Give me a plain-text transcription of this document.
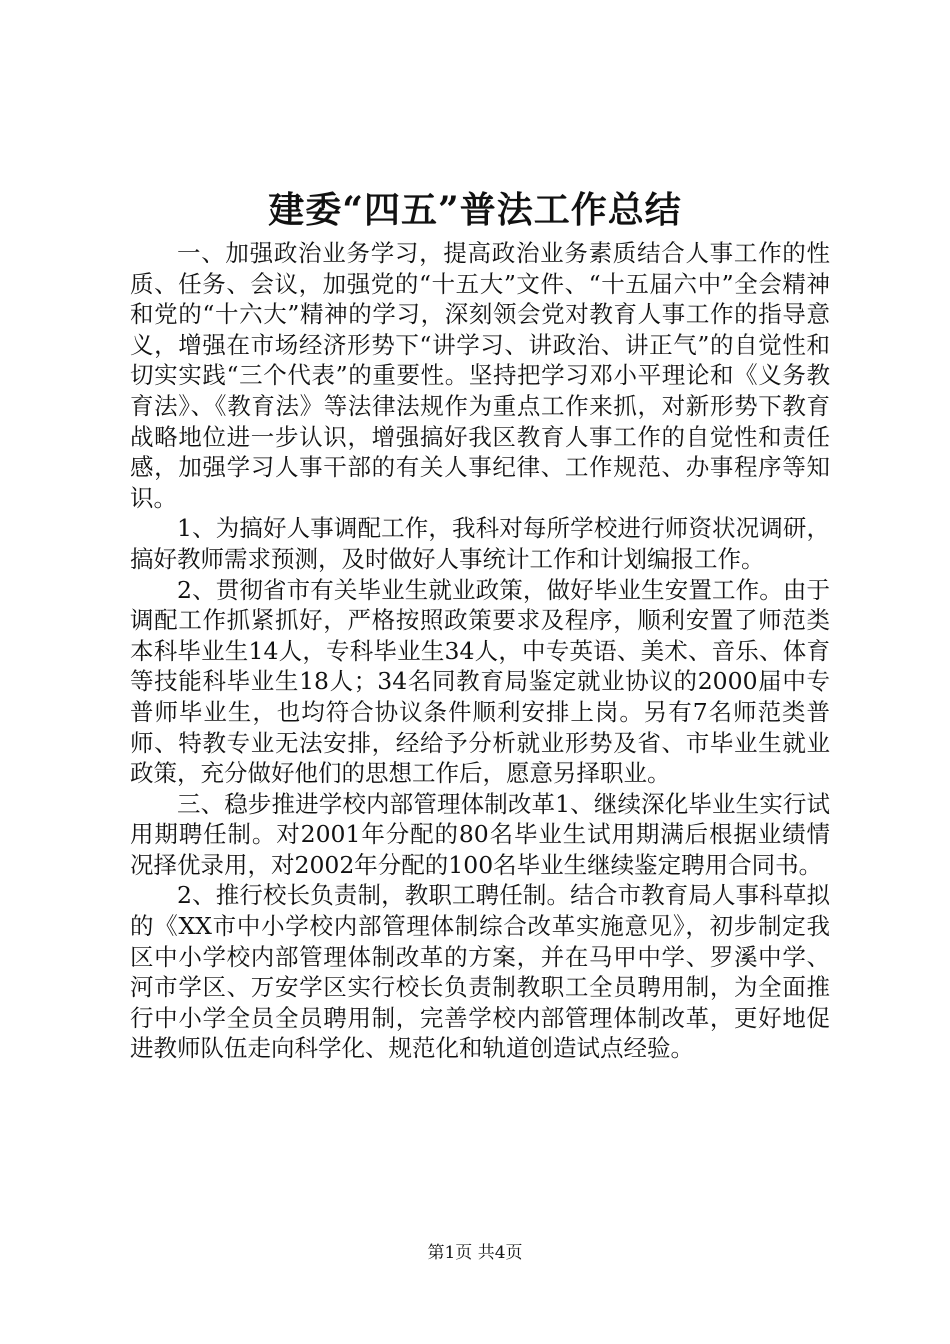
建委“四五”普法工作总结

一、加强政治业务学习，提高政治业务素质结合人事工作的性质、任务、会议，加强党的“十五大”文件、“十五届六中”全会精神和党的“十六大”精神的学习，深刻领会党对教育人事工作的指导意义，增强在市场经济形势下“讲学习、讲政治、讲正气”的自觉性和切实实践“三个代表”的重要性。坚持把学习邓小平理论和《义务教育法》、《教育法》等法律法规作为重点工作来抓，对新形势下教育战略地位进一步认识，增强搞好我区教育人事工作的自觉性和责任感，加强学习人事干部的有关人事纪律、工作规范、办事程序等知识。

1、为搞好人事调配工作，我科对每所学校进行师资状况调研，搞好教师需求预测，及时做好人事统计工作和计划编报工作。

2、贯彻省市有关毕业生就业政策，做好毕业生安置工作。由于调配工作抓紧抓好，严格按照政策要求及程序，顺利安置了师范类本科毕业生14人，专科毕业生34人，中专英语、美术、音乐、体育等技能科毕业生18人；34名同教育局鉴定就业协议的2000届中专普师毕业生，也均符合协议条件顺利安排上岗。另有7名师范类普师、特教专业无法安排，经给予分析就业形势及省、市毕业生就业政策，充分做好他们的思想工作后，愿意另择职业。

三、稳步推进学校内部管理体制改革1、继续深化毕业生实行试用期聘任制。对2001年分配的80名毕业生试用期满后根据业绩情况择优录用，对2002年分配的100名毕业生继续鉴定聘用合同书。

2、推行校长负责制，教职工聘任制。结合市教育局人事科草拟的《XX市中小学校内部管理体制综合改革实施意见》，初步制定我区中小学校内部管理体制改革的方案，并在马甲中学、罗溪中学、河市学区、万安学区实行校长负责制教职工全员聘用制，为全面推行中小学全员全员聘用制，完善学校内部管理体制改革，更好地促进教师队伍走向科学化、规范化和轨道创造试点经验。

第1页 共4页
